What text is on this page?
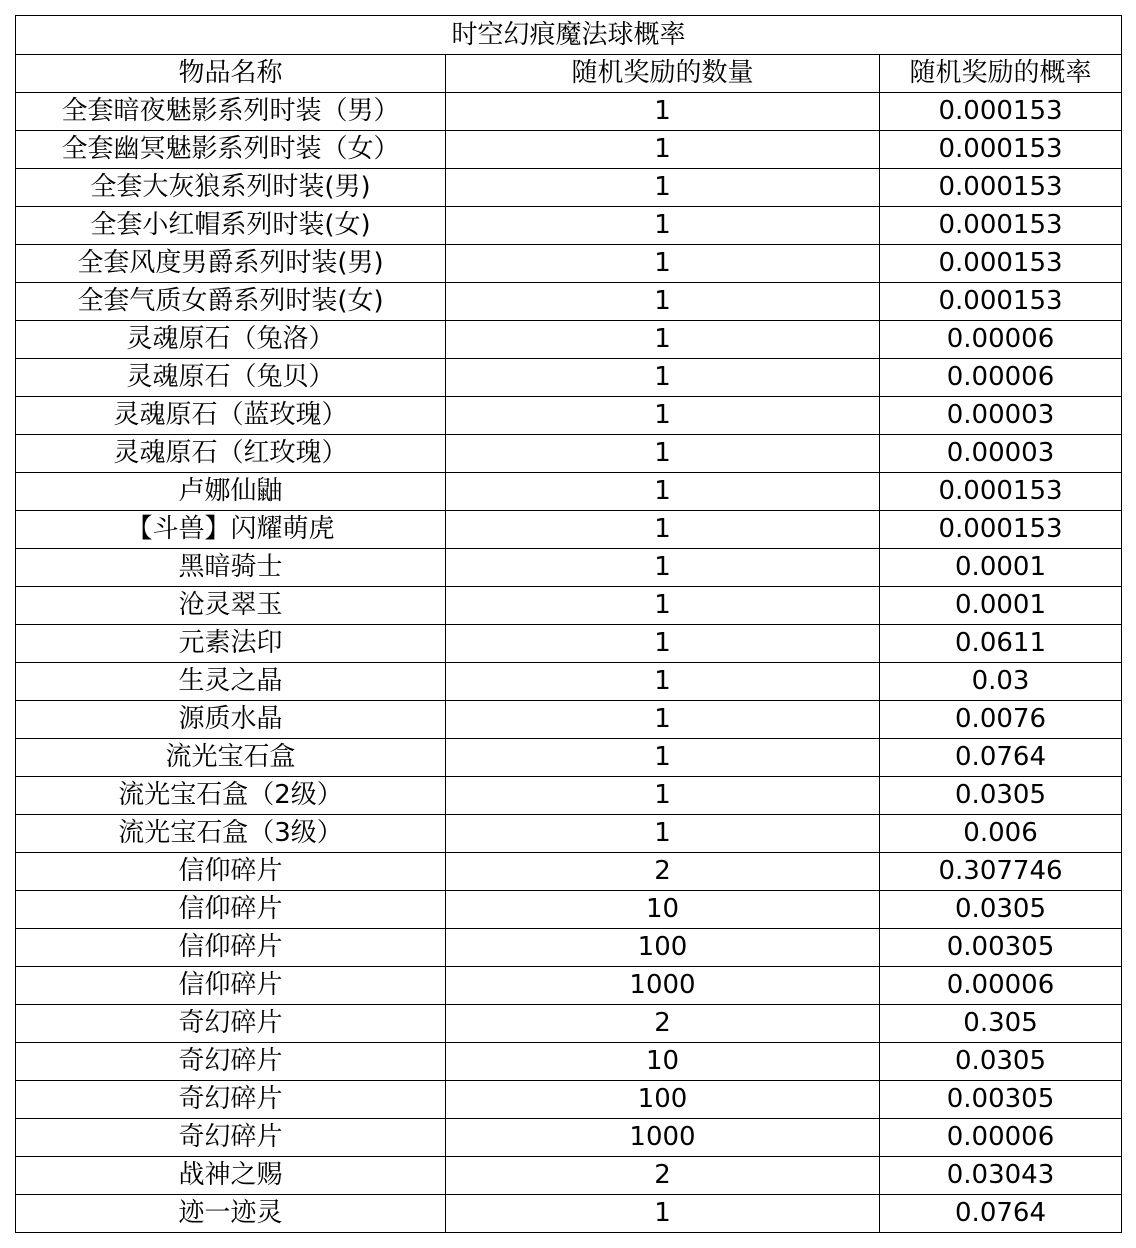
时空幻痕魔法球概率		
物品名称	随机奖励的数量	随机奖励的概率
全套暗夜魅影系列时装（男）	1	0.000153
全套幽冥魅影系列时装（女）	1	0.000153
全套大灰狼系列时装(男)	1	0.000153
全套小红帽系列时装(女)	1	0.000153
全套风度男爵系列时装(男)	1	0.000153
全套气质女爵系列时装(女)	1	0.000153
灵魂原石（兔洛）	1	0.00006
灵魂原石（兔贝）	1	0.00006
灵魂原石（蓝玫瑰）	1	0.00003
灵魂原石（红玫瑰）	1	0.00003
卢娜仙鼬	1	0.000153
【斗兽】闪耀萌虎	1	0.000153
黑暗骑士	1	0.0001
沧灵翠玉	1	0.0001
元素法印	1	0.0611
生灵之晶	1	0.03
源质水晶	1	0.0076
流光宝石盒	1	0.0764
流光宝石盒（2级）	1	0.0305
流光宝石盒（3级）	1	0.006
信仰碎片	2	0.307746
信仰碎片	10	0.0305
信仰碎片	100	0.00305
信仰碎片	1000	0.00006
奇幻碎片	2	0.305
奇幻碎片	10	0.0305
奇幻碎片	100	0.00305
奇幻碎片	1000	0.00006
战神之赐	2	0.03043
迹一迹灵	1	0.0764
